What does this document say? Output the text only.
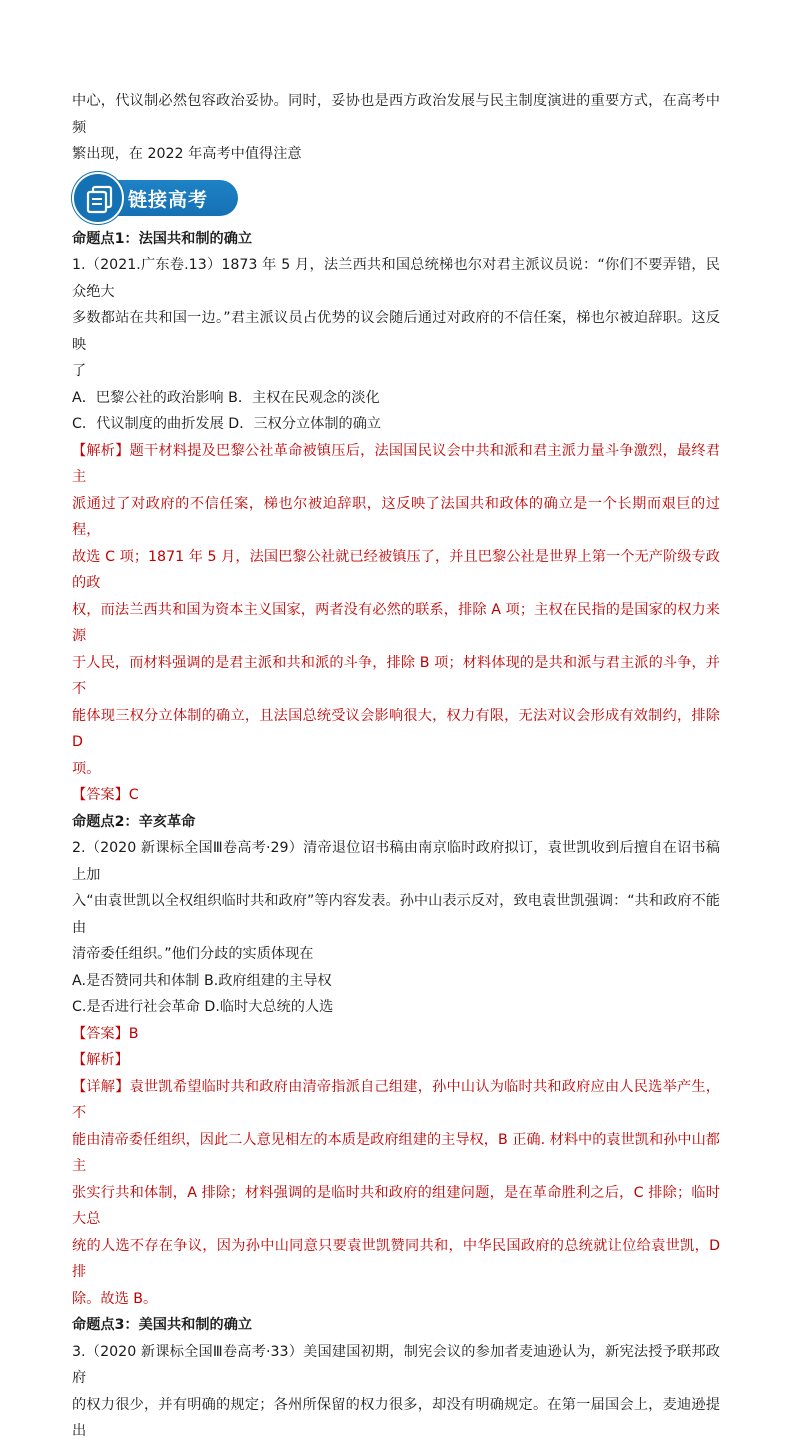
中心，代议制必然包容政治妥协。同时，妥协也是西方政治发展与民主制度演进的重要方式，在高考中频

繁出现，在 2022 年高考中值得注意

链接高考

命题点1：法国共和制的确立

1.（2021.广东卷.13）1873 年 5 月，法兰西共和国总统梯也尔对君主派议员说：“你们不要弄错，民众绝大

多数都站在共和国一边。”君主派议员占优势的议会随后通过对政府的不信任案，梯也尔被迫辞职。这反映

了

A．巴黎公社的政治影响 B．主权在民观念的淡化

C．代议制度的曲折发展 D．三权分立体制的确立

【解析】题干材料提及巴黎公社革命被镇压后，法国国民议会中共和派和君主派力量斗争激烈，最终君主

派通过了对政府的不信任案，梯也尔被迫辞职，这反映了法国共和政体的确立是一个长期而艰巨的过程，

故选 C 项；1871 年 5 月，法国巴黎公社就已经被镇压了，并且巴黎公社是世界上第一个无产阶级专政的政

权，而法兰西共和国为资本主义国家，两者没有必然的联系，排除 A 项；主权在民指的是国家的权力来源

于人民，而材料强调的是君主派和共和派的斗争，排除 B 项；材料体现的是共和派与君主派的斗争，并不

能体现三权分立体制的确立，且法国总统受议会影响很大，权力有限，无法对议会形成有效制约，排除 D

项。

【答案】C

命题点2：辛亥革命

2.（2020 新课标全国Ⅲ卷高考·29）清帝退位诏书稿由南京临时政府拟订，袁世凯收到后擅自在诏书稿上加

入“由袁世凯以全权组织临时共和政府”等内容发表。孙中山表示反对，致电袁世凯强调：“共和政府不能由

清帝委任组织。”他们分歧的实质体现在

A.是否赞同共和体制 B.政府组建的主导权

C.是否进行社会革命 D.临时大总统的人选

【答案】B

【解析】

【详解】袁世凯希望临时共和政府由清帝指派自己组建，孙中山认为临时共和政府应由人民选举产生，不

能由清帝委任组织，因此二人意见相左的本质是政府组建的主导权，B 正确. 材料中的袁世凯和孙中山都主

张实行共和体制，A 排除；材料强调的是临时共和政府的组建问题，是在革命胜利之后，C 排除；临时大总

统的人选不存在争议，因为孙中山同意只要袁世凯赞同共和，中华民国政府的总统就让位给袁世凯，D 排

除。故选 B。

命题点3：美国共和制的确立

3.（2020 新课标全国Ⅲ卷高考·33）美国建国初期，制宪会议的参加者麦迪逊认为，新宪法授予联邦政府

的权力很少，并有明确的规定；各州所保留的权力很多，却没有明确规定。在第一届国会上，麦迪逊提出
